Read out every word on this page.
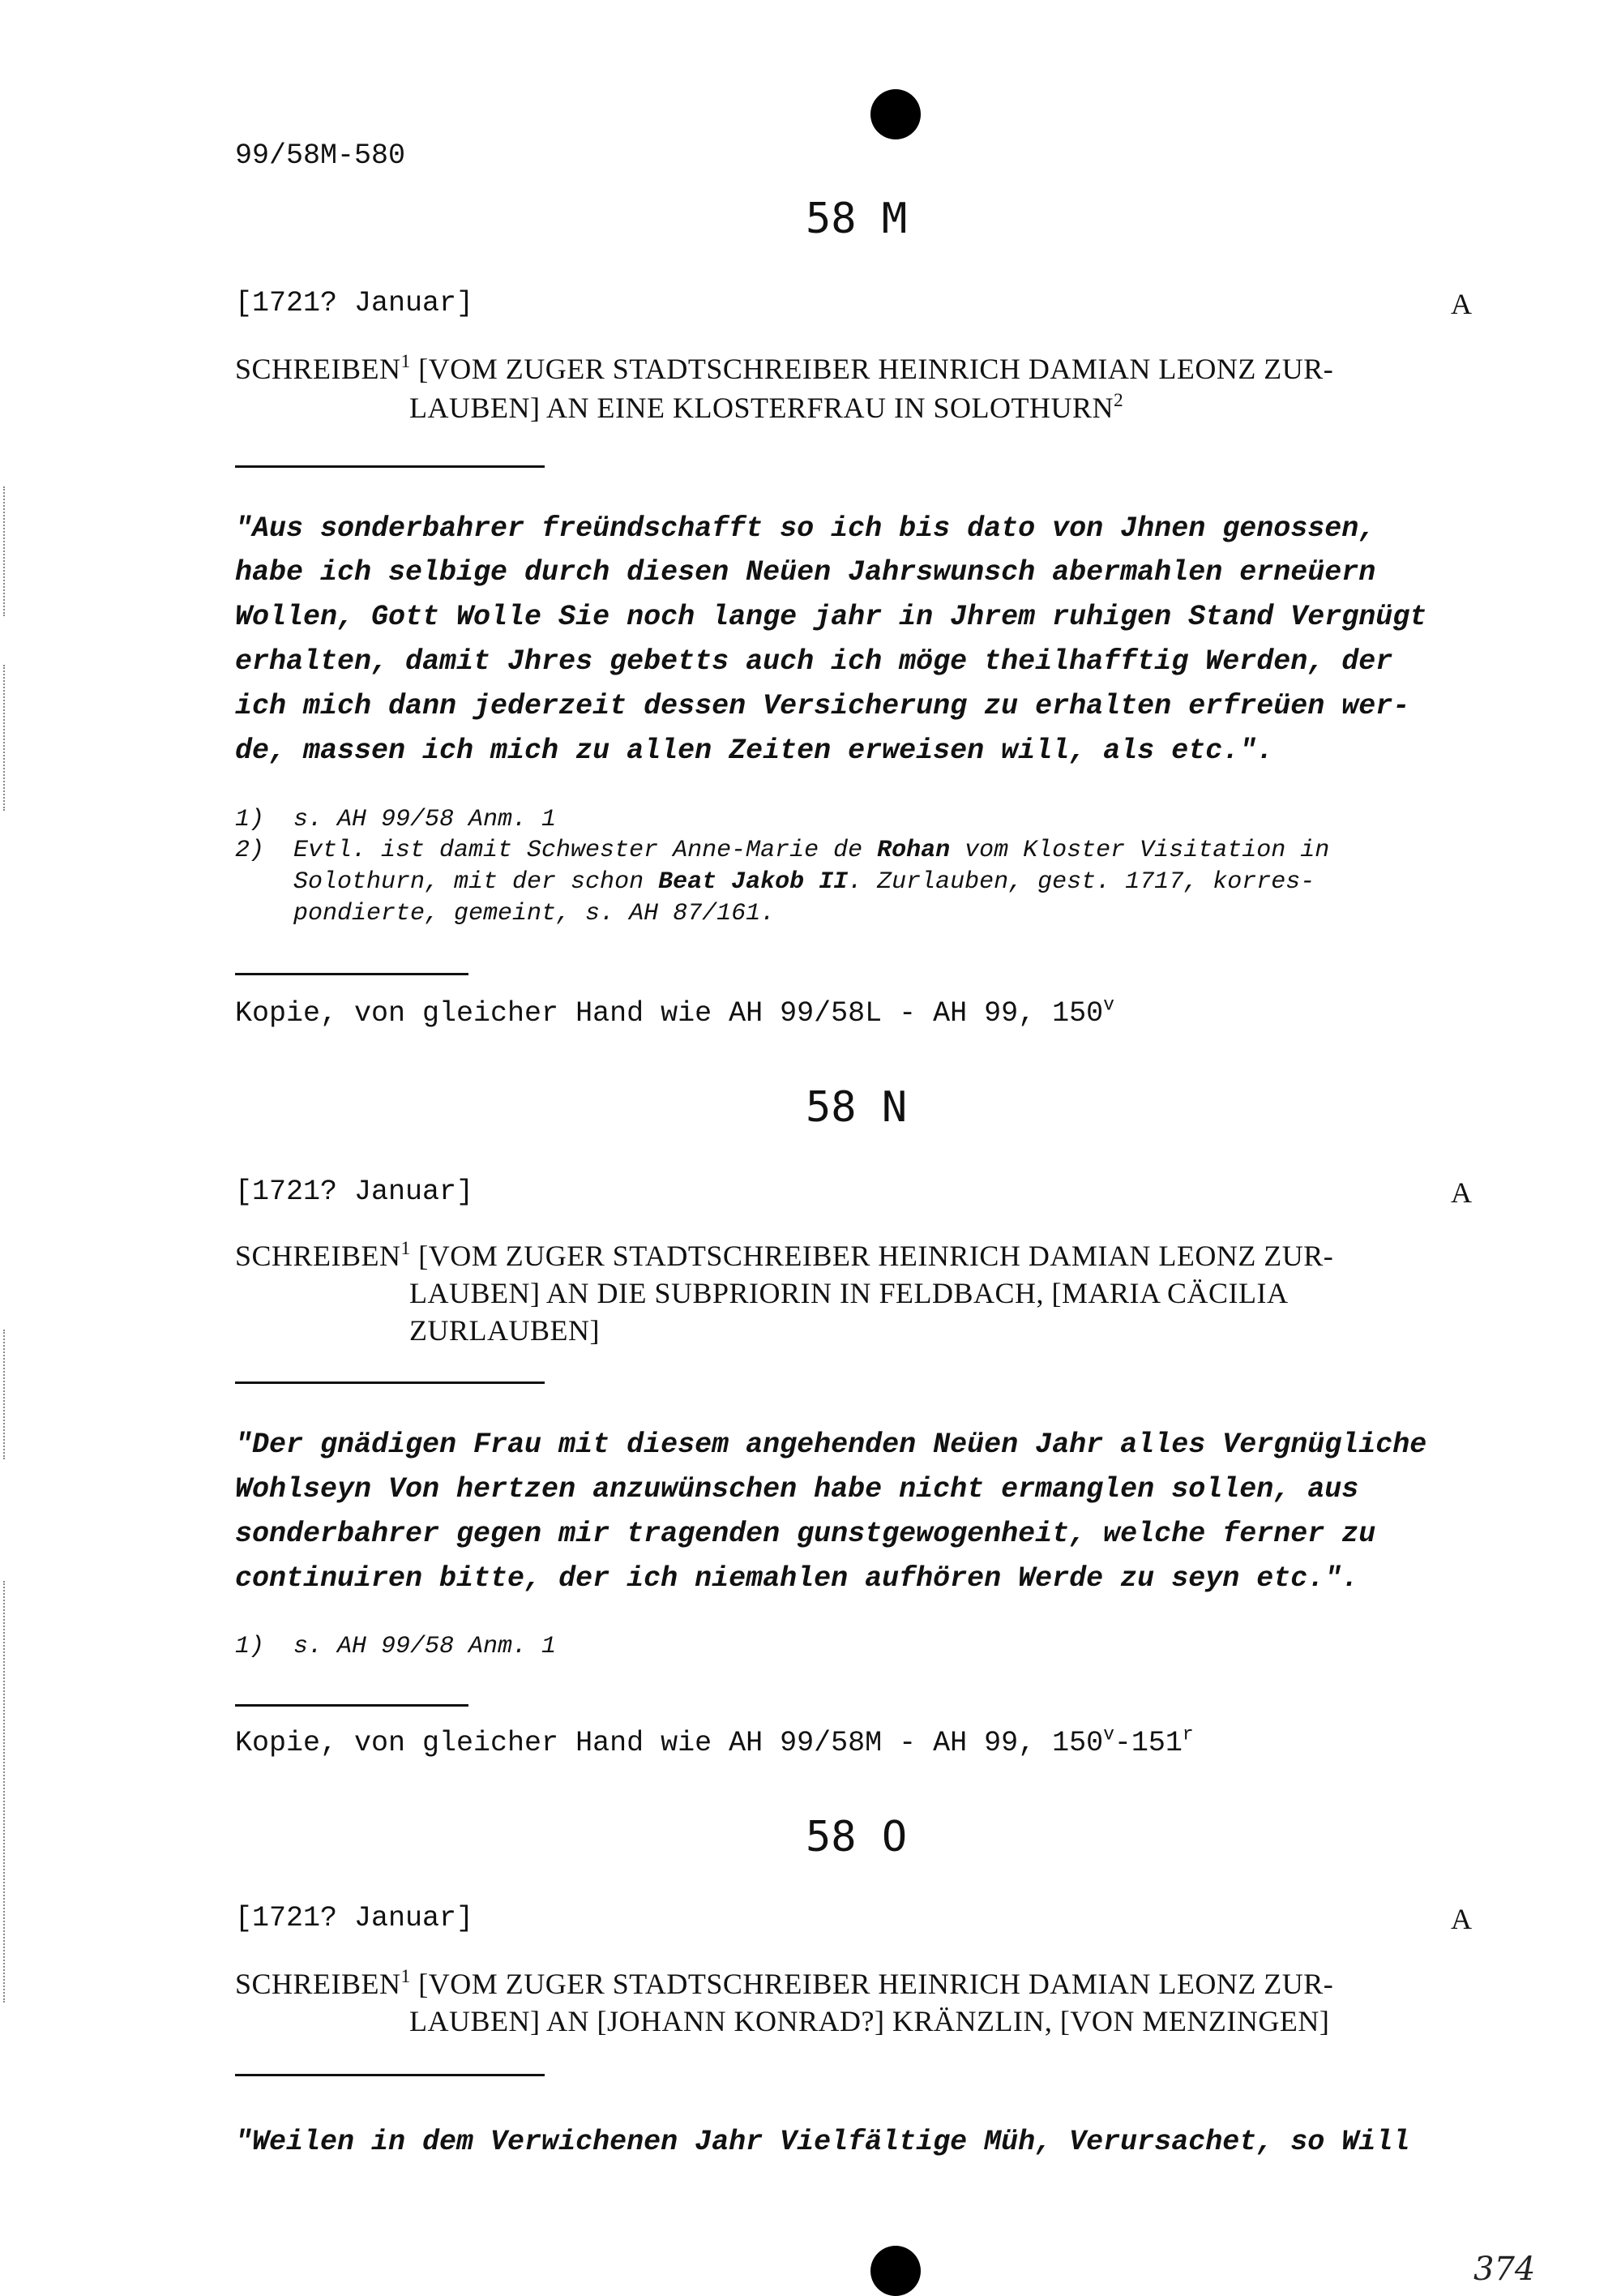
99/58M-580
58 M
[1721? Januar]	A
SCHREIBEN$^1$ [VOM ZUGER STADTSCHREIBER HEINRICH DAMIAN LEONZ ZUR-
LAUBEN] AN EINE KLOSTERFRAU IN SOLOTHURN$^2$
"Aus sonderbahrer freündschafft so ich bis dato von Jhnen genossen,
habe ich selbige durch diesen Neüen Jahrswunsch abermahlen erneüern
Wollen, Gott Wolle Sie noch lange jahr in Jhrem ruhigen Stand Vergnügt
erhalten, damit Jhres gebetts auch ich möge theilhafftig Werden, der
ich mich dann jederzeit dessen Versicherung zu erhalten erfreüen wer-
de, massen ich mich zu allen Zeiten erweisen will, als etc.".
1) s. AH 99/58 Anm. 1
2) Evtl. ist damit Schwester Anne-Marie de Rohan vom Kloster Visitation in
Solothurn, mit der schon Beat Jakob II. Zurlauben, gest. 1717, korres-
pondierte, gemeint, s. AH 87/161.
Kopie, von gleicher Hand wie AH 99/58L - AH 99, 150$^v$
58 N
[1721? Januar]	A
SCHREIBEN$^1$ [VOM ZUGER STADTSCHREIBER HEINRICH DAMIAN LEONZ ZUR-
LAUBEN] AN DIE SUBPRIORIN IN FELDBACH, [MARIA CÄCILIA
ZURLAUBEN]
"Der gnädigen Frau mit diesem angehenden Neüen Jahr alles Vergnügliche
Wohlseyn Von hertzen anzuwünschen habe nicht ermanglen sollen, aus
sonderbahrer gegen mir tragenden gunstgewogenheit, welche ferner zu
continuiren bitte, der ich niemahlen aufhören Werde zu seyn etc.".
1) s. AH 99/58 Anm. 1
Kopie, von gleicher Hand wie AH 99/58M - AH 99, 150$^v$-151$^r$
58 O
[1721? Januar]	A
SCHREIBEN$^1$ [VOM ZUGER STADTSCHREIBER HEINRICH DAMIAN LEONZ ZUR-
LAUBEN] AN [JOHANN KONRAD?] KRÄNZLIN, [VON MENZINGEN]
"Weilen in dem Verwichenen Jahr Vielfältige Müh, Verursachet, so Will
374
